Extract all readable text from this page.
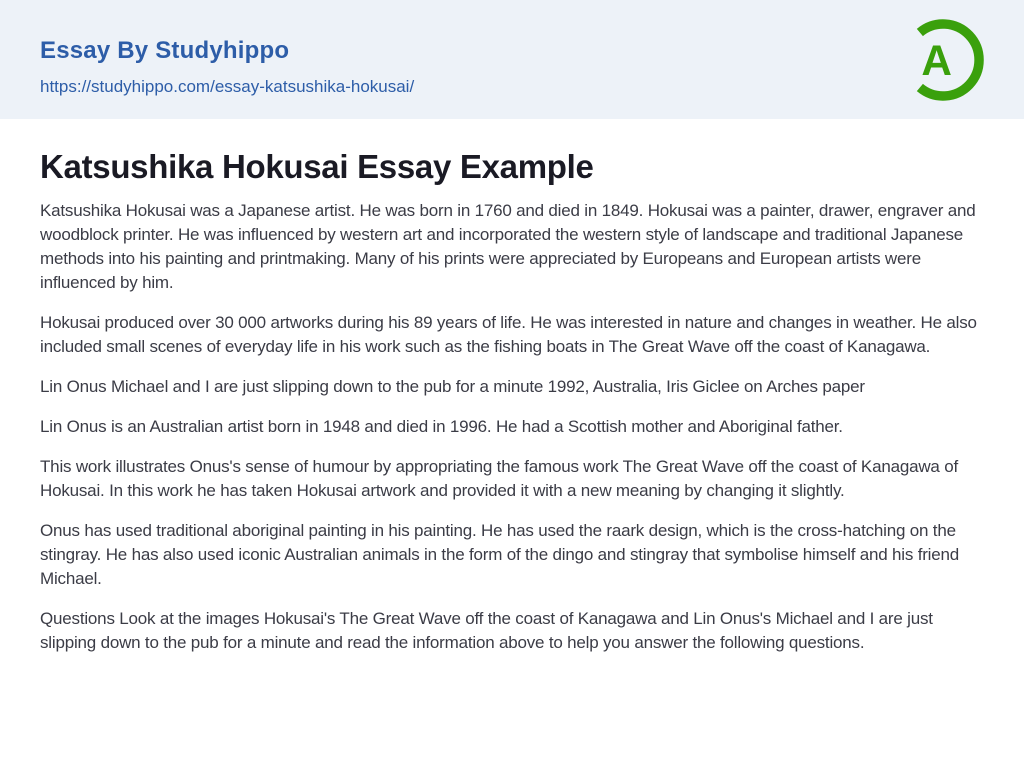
Essay By Studyhippo
https://studyhippo.com/essay-katsushika-hokusai/
A
Katsushika Hokusai Essay Example

Katsushika Hokusai was a Japanese artist. He was born in 1760 and died in 1849. Hokusai was a painter, drawer, engraver and woodblock printer. He was influenced by western art and incorporated the western style of landscape and traditional Japanese methods into his painting and printmaking. Many of his prints were appreciated by Europeans and European artists were influenced by him.

Hokusai produced over 30 000 artworks during his 89 years of life. He was interested in nature and changes in weather. He also included small scenes of everyday life in his work such as the fishing boats in The Great Wave off the coast of Kanagawa.

Lin Onus Michael and I are just slipping down to the pub for a minute 1992, Australia, Iris Giclee on Arches paper

Lin Onus is an Australian artist born in 1948 and died in 1996. He had a Scottish mother and Aboriginal father.

This work illustrates Onus's sense of humour by appropriating the famous work The Great Wave off the coast of Kanagawa of Hokusai. In this work he has taken Hokusai artwork and provided it with a new meaning by changing it slightly.

Onus has used traditional aboriginal painting in his painting. He has used the raark design, which is the cross-hatching on the stingray. He has also used iconic Australian animals in the form of the dingo and stingray that symbolise himself and his friend Michael.

Questions Look at the images Hokusai's The Great Wave off the coast of Kanagawa and Lin Onus's Michael and I are just slipping down to the pub for a minute and read the information above to help you answer the following questions.
